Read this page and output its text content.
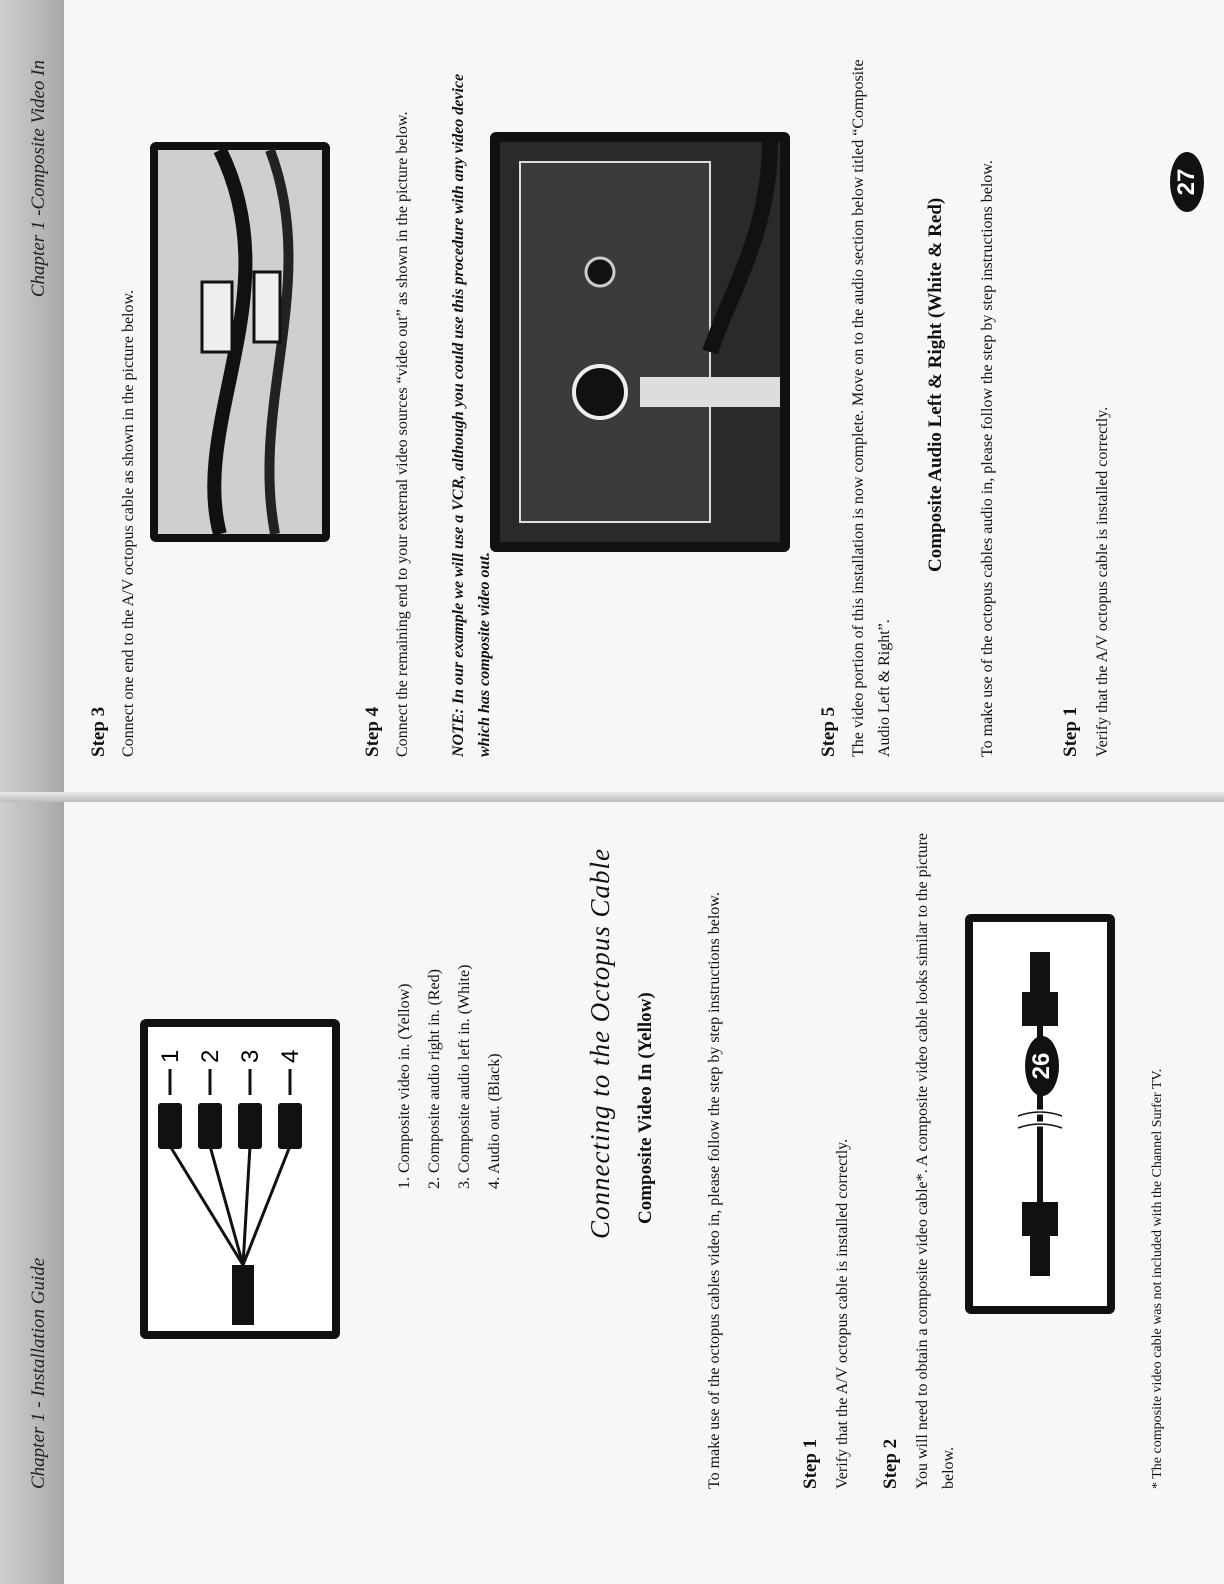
Chapter 1 - Installation Guide
1 2 3 4	1. Composite video in. (Yellow) 2. Composite audio right in. (Red) 3. Composite audio left in. (White) 4. Audio out. (Black)	Connecting to the Octopus Cable Composite Video In (Yellow)	To make use of the octopus cables video in, please follow the step by step instructions below.	Step 1 Verify that the A/V octopus cable is installed correctly. Step 2 You will need to obtain a composite video cable*. A composite video cable looks similar to the picture below.
26
* The composite video cable was not included with the Channel Surfer TV.
Chapter 1 -Composite Video In
Step 3 Connect one end to the A/V octopus cable as shown in the picture below.	Step 4 Connect the remaining end to your external video sources “video out” as shown in the picture below.	NOTE: In our example we will use a VCR, although you could use this procedure with any video device which has composite video out.	Step 5 The video portion of this installation is now complete. Move on to the audio section below titled “Composite Audio Left & Right”.
Composite Audio Left & Right (White & Red) To make use of the octopus cables audio in, please follow the step by step instructions below.	Step 1 Verify that the A/V octopus cable is installed correctly.
27
